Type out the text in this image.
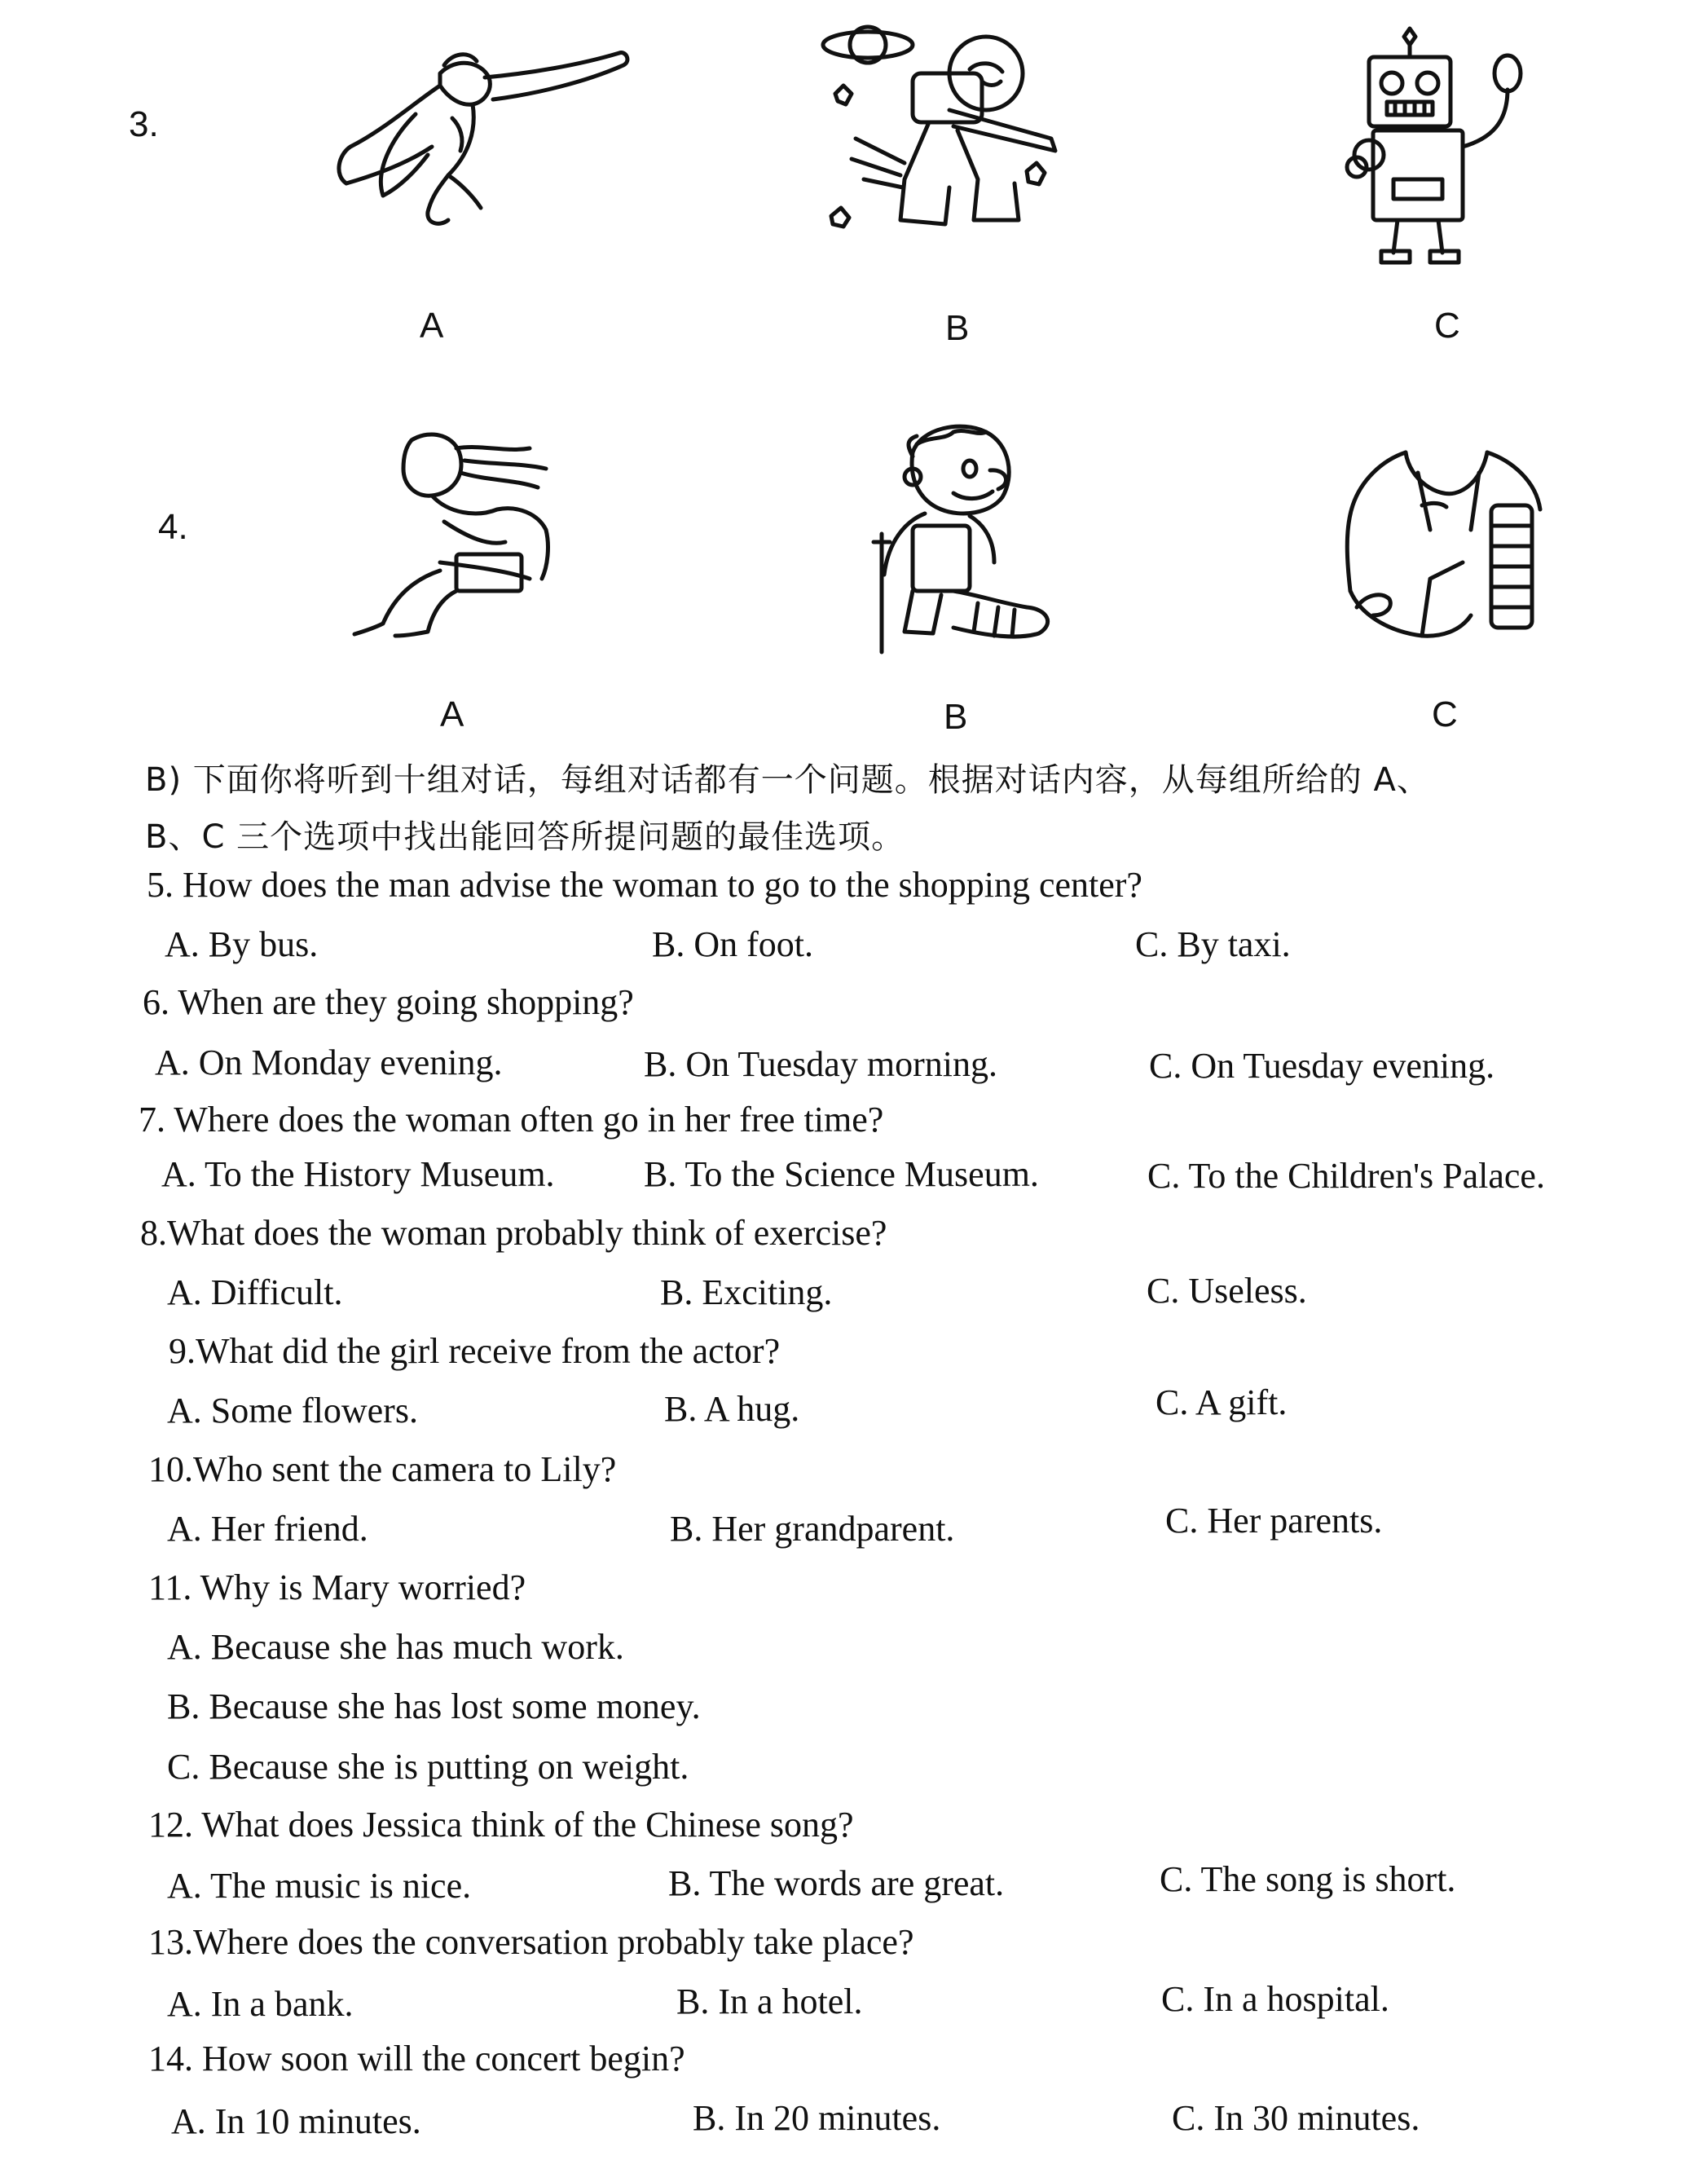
3.
A	B	C
4.
A	B	C
B) 下面你将听到十组对话，每组对话都有一个问题。根据对话内容，从每组所给的 A、
B、C 三个选项中找出能回答所提问题的最佳选项。
5. How does the man advise the woman to go to the shopping center?
A. By bus.	B. On foot.	C. By taxi.
6. When are they going shopping?
A. On Monday evening.	B. On Tuesday morning.	C. On Tuesday evening.
7. Where does the woman often go in her free time?
A. To the History Museum. B. To the Science Museum.	C. To the Children's Palace.
8.What does the woman probably think of exercise?
A. Difficult.	B. Exciting.	C. Useless.
9.What did the girl receive from the actor?
A. Some flowers.	B. A hug.	C. A gift.
10.Who sent the camera to Lily?
A. Her friend.	B. Her grandparent.	C. Her parents.
11. Why is Mary worried?
A. Because she has much work.
B. Because she has lost some money.
C. Because she is putting on weight.
12. What does Jessica think of the Chinese song?
A. The music is nice.	B. The words are great.	C. The song is short.
13.Where does the conversation probably take place?
A. In a bank.	B. In a hotel.	C. In a hospital.
14. How soon will the concert begin?
A. In 10 minutes.	B. In 20 minutes.	C. In 30 minutes.
